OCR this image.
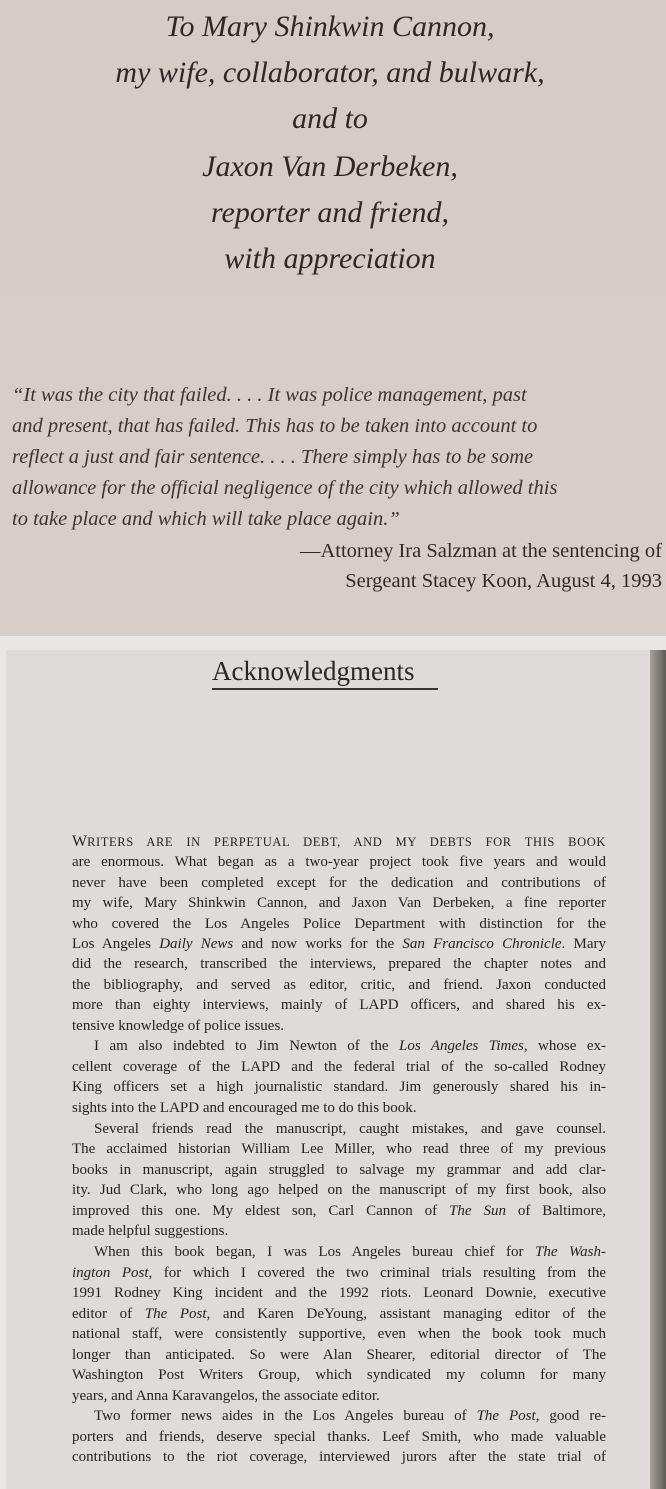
To Mary Shinkwin Cannon,
my wife, collaborator, and bulwark,
and to
Jaxon Van Derbeken,
reporter and friend,
with appreciation
“It was the city that failed. . . . It was police management, past
and present, that has failed. This has to be taken into account to
reflect a just and fair sentence. . . . There simply has to be some
allowance for the official negligence of the city which allowed this
to take place and which will take place again.”
—Attorney Ira Salzman at the sentencing of
Sergeant Stacey Koon, August 4, 1993
Acknowledgments
WRITERS ARE IN PERPETUAL DEBT, AND MY DEBTS FOR THIS BOOK
are enormous. What began as a two-year project took five years and would
never have been completed except for the dedication and contributions of
my wife, Mary Shinkwin Cannon, and Jaxon Van Derbeken, a fine reporter
who covered the Los Angeles Police Department with distinction for the
Los Angeles Daily News and now works for the San Francisco Chronicle. Mary
did the research, transcribed the interviews, prepared the chapter notes and
the bibliography, and served as editor, critic, and friend. Jaxon conducted
more than eighty interviews, mainly of LAPD officers, and shared his ex-
tensive knowledge of police issues.
I am also indebted to Jim Newton of the Los Angeles Times, whose ex-
cellent coverage of the LAPD and the federal trial of the so-called Rodney
King officers set a high journalistic standard. Jim generously shared his in-
sights into the LAPD and encouraged me to do this book.
Several friends read the manuscript, caught mistakes, and gave counsel.
The acclaimed historian William Lee Miller, who read three of my previous
books in manuscript, again struggled to salvage my grammar and add clar-
ity. Jud Clark, who long ago helped on the manuscript of my first book, also
improved this one. My eldest son, Carl Cannon of The Sun of Baltimore,
made helpful suggestions.
When this book began, I was Los Angeles bureau chief for The Wash-
ington Post, for which I covered the two criminal trials resulting from the
1991 Rodney King incident and the 1992 riots. Leonard Downie, executive
editor of The Post, and Karen DeYoung, assistant managing editor of the
national staff, were consistently supportive, even when the book took much
longer than anticipated. So were Alan Shearer, editorial director of The
Washington Post Writers Group, which syndicated my column for many
years, and Anna Karavangelos, the associate editor.
Two former news aides in the Los Angeles bureau of The Post, good re-
porters and friends, deserve special thanks. Leef Smith, who made valuable
contributions to the riot coverage, interviewed jurors after the state trial of
